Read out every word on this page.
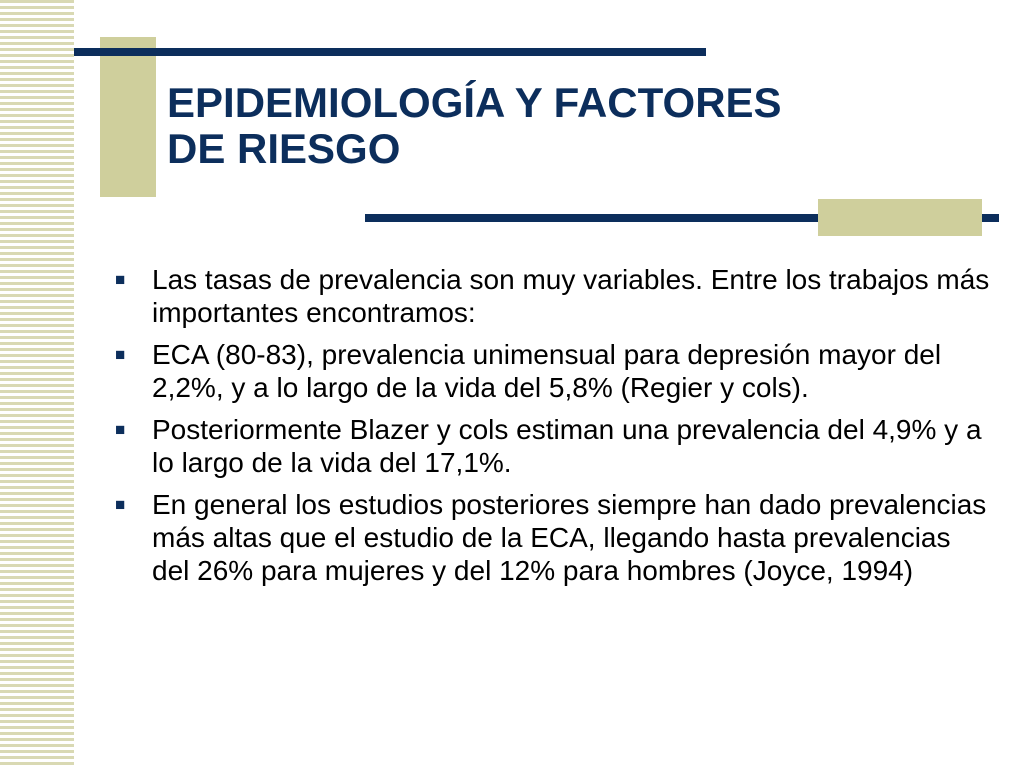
EPIDEMIOLOGÍA Y FACTORES
DE RIESGO
■ Las tasas de prevalencia son muy variables. Entre los trabajos más importantes encontramos:
■ ECA (80-83), prevalencia unimensual para depresión mayor del 2,2%, y a lo largo de la vida del 5,8% (Regier y cols).
■ Posteriormente Blazer y cols estiman una prevalencia del 4,9% y a lo largo de la vida del 17,1%.
■ En general los estudios posteriores siempre han dado prevalencias más altas que el estudio de la ECA, llegando hasta prevalencias del 26% para mujeres y del 12% para hombres (Joyce, 1994)
